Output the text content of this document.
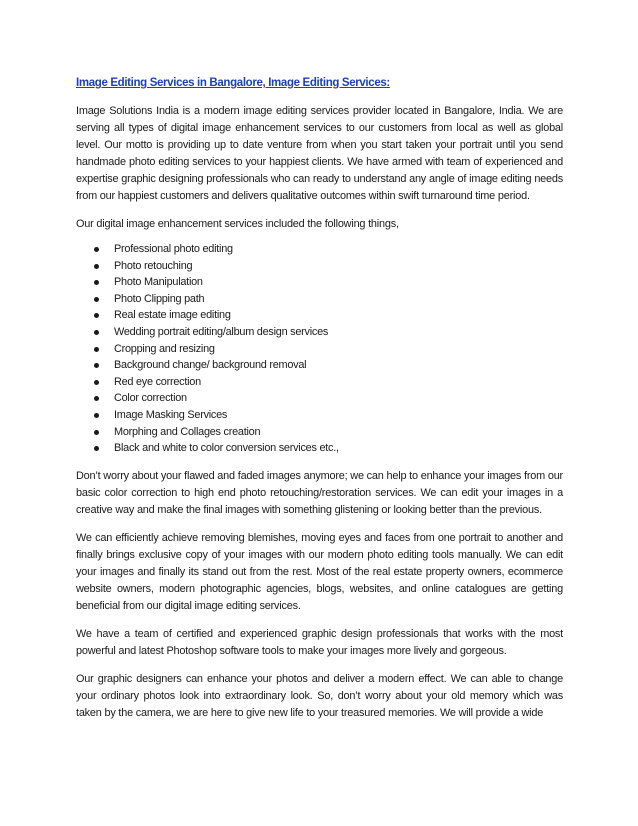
Image Editing Services in Bangalore, Image Editing Services:

Image Solutions India is a modern image editing services provider located in Bangalore, India. We are serving all types of digital image enhancement services to our customers from local as well as global level. Our motto is providing up to date venture from when you start taken your portrait until you send handmade photo editing services to your happiest clients. We have armed with team of experienced and expertise graphic designing professionals who can ready to understand any angle of image editing needs from our happiest customers and delivers qualitative outcomes within swift turnaround time period.

Our digital image enhancement services included the following things,

Professional photo editing
Photo retouching
Photo Manipulation
Photo Clipping path
Real estate image editing
Wedding portrait editing/album design services
Cropping and resizing
Background change/ background removal
Red eye correction
Color correction
Image Masking Services
Morphing and Collages creation
Black and white to color conversion services etc.,

Don’t worry about your flawed and faded images anymore; we can help to enhance your images from our basic color correction to high end photo retouching/restoration services. We can edit your images in a creative way and make the final images with something glistening or looking better than the previous.

We can efficiently achieve removing blemishes, moving eyes and faces from one portrait to another and finally brings exclusive copy of your images with our modern photo editing tools manually. We can edit your images and finally its stand out from the rest. Most of the real estate property owners, ecommerce website owners, modern photographic agencies, blogs, websites, and online catalogues are getting beneficial from our digital image editing services.

We have a team of certified and experienced graphic design professionals that works with the most powerful and latest Photoshop software tools to make your images more lively and gorgeous.

Our graphic designers can enhance your photos and deliver a modern effect. We can able to change your ordinary photos look into extraordinary look. So, don’t worry about your old memory which was taken by the camera, we are here to give new life to your treasured memories. We will provide a wide
